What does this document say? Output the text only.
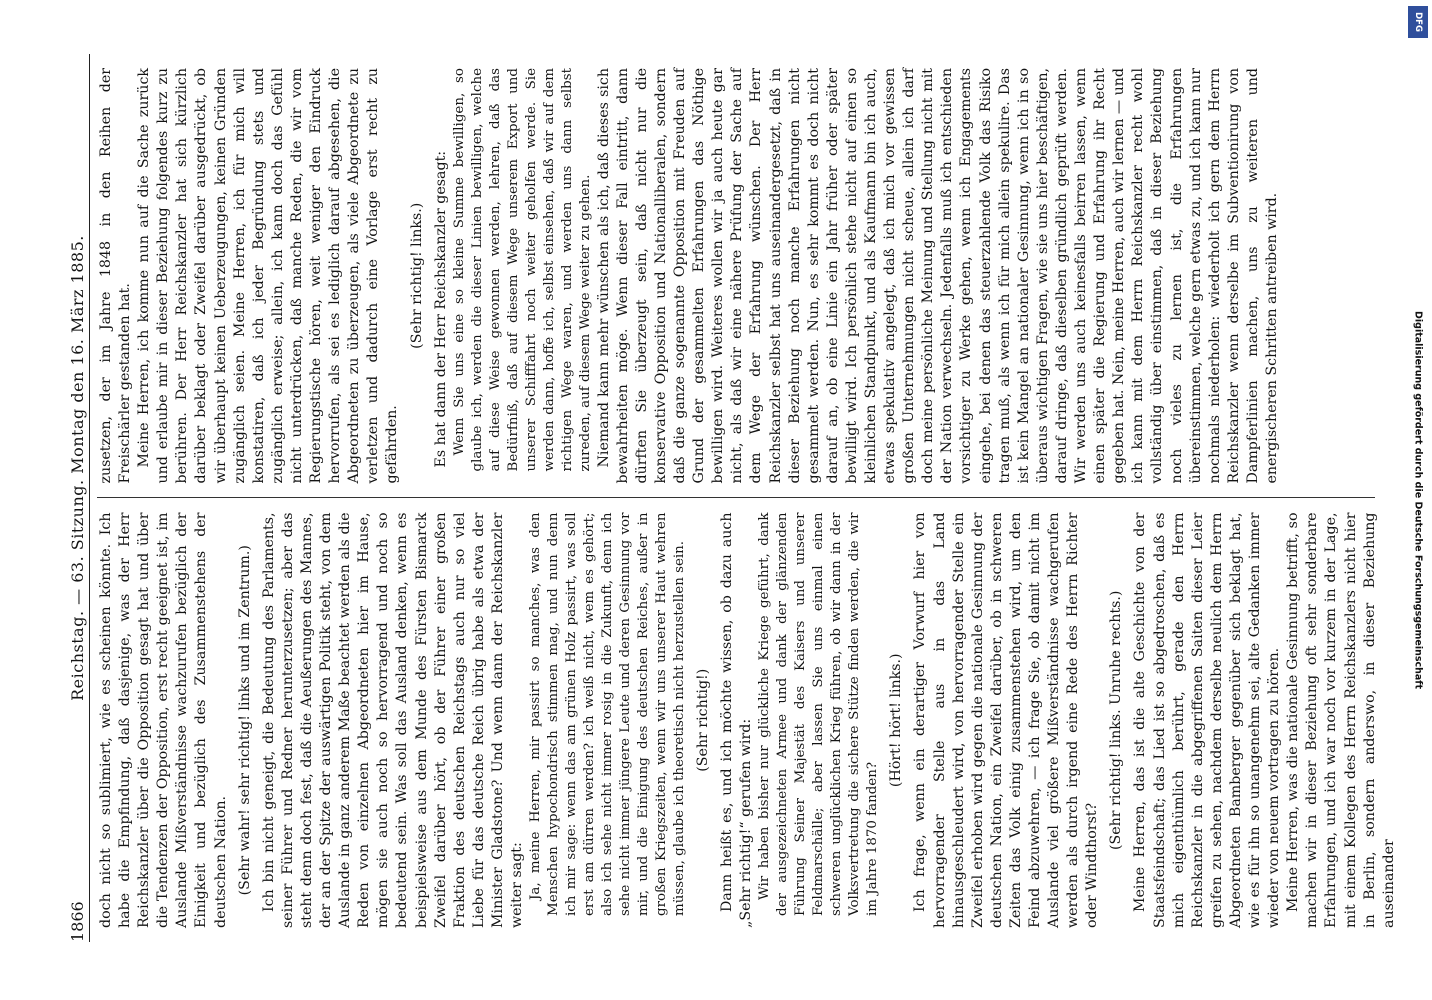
1866
Reichstag. — 63. Sitzung. Montag den 16. März 1885.

doch nicht so sublimiert, wie es scheinen könnte. Ich habe die Empfindung, daß dasjenige, was der Herr Reichskanzler über die Opposition gesagt hat und über die Tendenzen der Opposition, erst recht geeignet ist, im Auslande Mißverständnisse wachzurufen bezüglich der Einigkeit und bezüglich des Zusammenstehens der deutschen Nation. (Sehr wahr! sehr richtig! links und im Zentrum.) Ich bin nicht geneigt, die Bedeutung des Parlaments, seiner Führer und Redner herunterzusetzen; aber das steht denn doch fest, daß die Aeußerungen des Mannes, der an der Spitze der auswärtigen Politik steht, von dem Auslande in ganz anderem Maße beachtet werden als die Reden von einzelnen Abgeordneten hier im Hause, mögen sie auch noch so hervorragend und noch so bedeutend sein. Was soll das Ausland denken, wenn es beispielsweise aus dem Munde des Fürsten Bismarck Zweifel darüber hört, ob der Führer einer großen Fraktion des deutschen Reichstags auch nur so viel Liebe für das deutsche Reich übrig habe als etwa der Minister Gladstone? Und wenn dann der Reichskanzler weiter sagt: Ja, meine Herren, mir passirt so manches, was den Menschen hypochondrisch stimmen mag, und nun denn ich mir sage: wenn das am grünen Holz passirt, was soll erst am dürren werden? ich weiß nicht, wem es gehört; also ich sehe nicht immer rosig in die Zukunft, denn ich sehe nicht immer jüngere Leute und deren Gesinnung vor mir, und die Einigung des deutschen Reiches, außer in großen Kriegszeiten, wenn wir uns unserer Haut wehren müssen, glaube ich theoretisch nicht herzustellen sein. (Sehr richtig!) Dann heißt es, und ich möchte wissen, ob dazu auch „Sehr richtig!“ gerufen wird: Wir haben bisher nur glückliche Kriege geführt, dank der ausgezeichneten Armee und dank der glänzenden Führung Seiner Majestät des Kaisers und unserer Feldmarschälle; aber lassen Sie uns einmal einen schweren unglücklichen Krieg führen, ob wir dann in der Volksvertretung die sichere Stütze finden werden, die wir im Jahre 1870 fanden?

(Hört! hört! links.) Ich frage, wenn ein derartiger Vorwurf hier von hervorragender Stelle aus in das Land hinausgeschleudert wird, von hervorragender Stelle ein Zweifel erhoben wird gegen die nationale Gesinnung der deutschen Nation, ein Zweifel darüber, ob in schweren Zeiten das Volk einig zusammenstehen wird, um den Feind abzuwehren, — ich frage Sie, ob damit nicht im Auslande viel größere Mißverständnisse wachgerufen werden als durch irgend eine Rede des Herrn Richter oder Windthorst?

(Sehr richtig! links. Unruhe rechts.) Meine Herren, das ist die alte Geschichte von der Staatsfeindschaft; das Lied ist so abgedroschen, daß es mich eigenthümlich berührt, gerade den Herrn Reichskanzler in die abgegriffenen Saiten dieser Leier greifen zu sehen, nachdem derselbe neulich dem Herrn Abgeordneten Bamberger gegenüber sich beklagt hat, wie es für ihn so unangenehm sei, alte Gedanken immer wieder von neuem vortragen zu hören. Meine Herren, was die nationale Gesinnung betrifft, so machen wir in dieser Beziehung oft sehr sonderbare Erfahrungen, und ich war noch vor kurzem in der Lage, mit einem Kollegen des Herrn Reichskanzlers nicht hier in Berlin, sondern anderswo, in dieser Beziehung auseinander

zusetzen, der im Jahre 1848 in den Reihen der Freischärler gestanden hat. Meine Herren, ich komme nun auf die Sache zurück und erlaube mir in dieser Beziehung folgendes kurz zu berühren. Der Herr Reichskanzler hat sich kürzlich darüber beklagt oder Zweifel darüber ausgedrückt, ob wir überhaupt keinen Ueberzeugungen, keinen Gründen zugänglich seien. Meine Herren, ich für mich will konstatiren, daß ich jeder Begründung stets und zugänglich erweise; allein, ich kann doch das Gefühl nicht unterdrücken, daß manche Reden, die wir vom Regierungstische hören, weit weniger den Eindruck hervorrufen, als sei es lediglich darauf abgesehen, die Abgeordneten zu überzeugen, als viele Abgeordnete zu verletzen und dadurch eine Vorlage erst recht zu gefährden.

(Sehr richtig! links.) Es hat dann der Herr Reichskanzler gesagt: Wenn Sie uns eine so kleine Summe bewilligen, so glaube ich, werden die dieser Linien bewilligen, welche auf diese Weise gewonnen werden, lehren, daß das Bedürfniß, daß auf diesem Wege unserem Export und unserer Schifffahrt noch weiter geholfen werde. Sie werden dann, hoffe ich, selbst einsehen, daß wir auf dem richtigen Wege waren, und werden uns dann selbst zureden, auf diesem Wege weiter zu gehen. Niemand kann mehr wünschen als ich, daß dieses sich bewahrheiten möge. Wenn dieser Fall eintritt, dann dürften Sie überzeugt sein, daß nicht nur die konservative Opposition und Nationalliberalen, sondern daß die ganze sogenannte Opposition mit Freuden auf Grund der gesammelten Erfahrungen das Nöthige bewilligen wird. Weiteres wollen wir ja auch heute gar nicht, als daß wir eine nähere Prüfung der Sache auf dem Wege der Erfahrung wünschen. Der Herr Reichskanzler selbst hat uns auseinandergesetzt, daß in dieser Beziehung noch manche Erfahrungen nicht gesammelt werden. Nun, es sehr kommt es doch nicht darauf an, ob eine Linie ein Jahr früher oder später bewilligt wird. Ich persönlich stehe nicht auf einen so kleinlichen Standpunkt, und als Kaufmann bin ich auch, etwas spekulativ angelegt, daß ich mich vor gewissen großen Unternehmungen nicht scheue, allein ich darf doch meine persönliche Meinung und Stellung nicht mit der Nation verwechseln. Jedenfalls muß ich entschieden vorsichtiger zu Werke gehen, wenn ich Engagements eingehe, bei denen das steuerzahlende Volk das Risiko tragen muß, als wenn ich für mich allein spekulire. Das ist kein Mangel an nationaler Gesinnung, wenn ich in so überaus wichtigen Fragen, wie sie uns hier beschäftigen, darauf dringe, daß dieselben gründlich geprüft werden. Wir werden uns auch keinesfalls beirren lassen, wenn einen später die Regierung und Erfahrung ihr Recht gegeben hat. Nein, meine Herren, auch wir lernen — und ich kann mit dem Herrn Reichskanzler recht wohl vollständig über einstimmen, daß in dieser Beziehung noch vieles zu lernen ist, die Erfahrungen übereinstimmen, welche gern etwas zu, und ich kann nur nochmals niederholen: wiederholt ich gern dem Herrn Reichskanzler wenn derselbe im Subventionirung von Dampferlinien machen, uns zu weiteren und energischeren Schritten antreiben wird.

DFG
Digitalisierung gefördert durch die Deutsche Forschungsgemeinschaft
